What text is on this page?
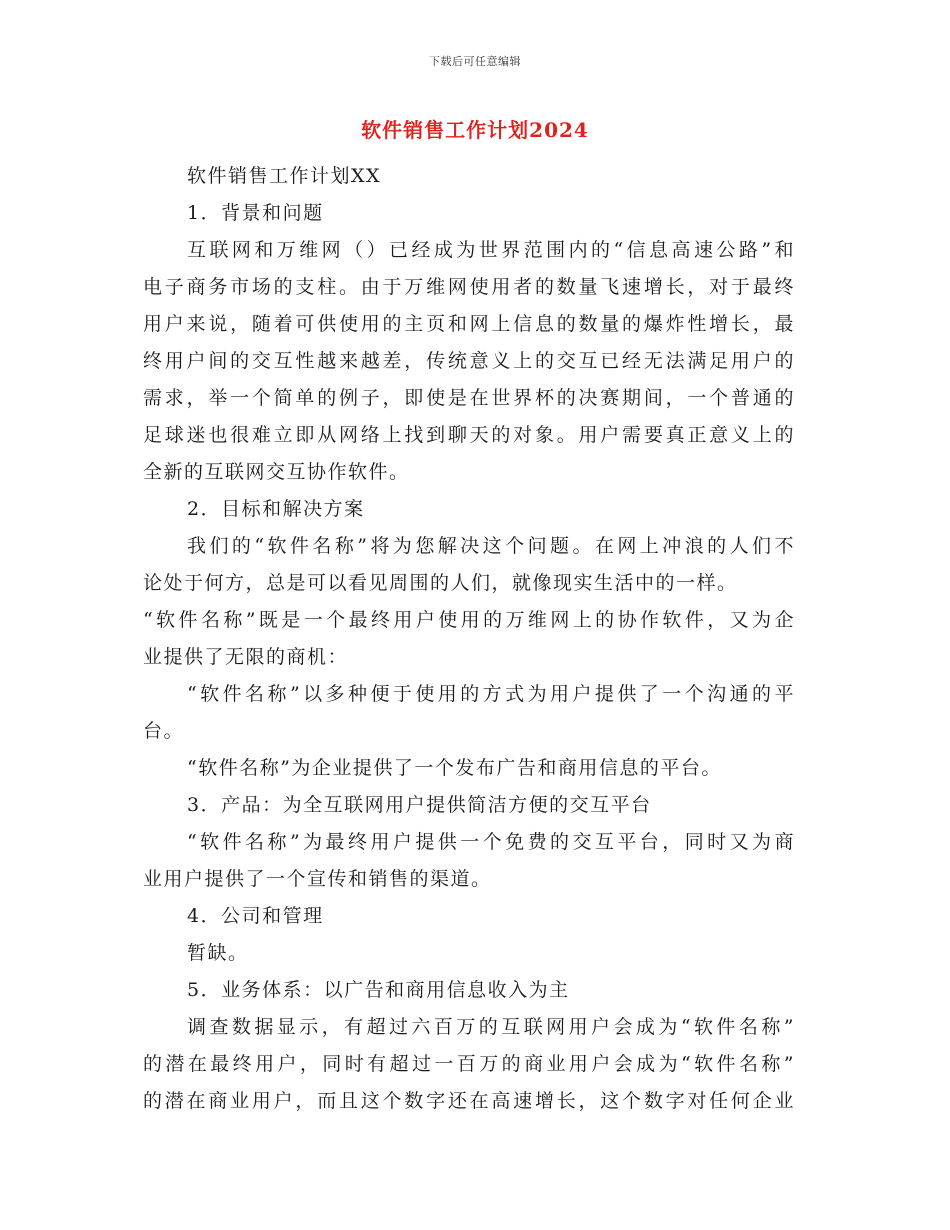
下载后可任意编辑
软件销售工作计划2024
软件销售工作计划XX
1．背景和问题
互联网和万维网（）已经成为世界范围内的“信息高速公路”和
电子商务市场的支柱。由于万维网使用者的数量飞速增长，对于最终
用户来说，随着可供使用的主页和网上信息的数量的爆炸性增长，最
终用户间的交互性越来越差，传统意义上的交互已经无法满足用户的
需求，举一个简单的例子，即使是在世界杯的决赛期间，一个普通的
足球迷也很难立即从网络上找到聊天的对象。用户需要真正意义上的
全新的互联网交互协作软件。
2．目标和解决方案
我们的“软件名称”将为您解决这个问题。在网上冲浪的人们不
论处于何方，总是可以看见周围的人们，就像现实生活中的一样。
“软件名称”既是一个最终用户使用的万维网上的协作软件，又为企
业提供了无限的商机：
“软件名称”以多种便于使用的方式为用户提供了一个沟通的平
台。
“软件名称”为企业提供了一个发布广告和商用信息的平台。
3．产品：为全互联网用户提供简洁方便的交互平台
“软件名称”为最终用户提供一个免费的交互平台，同时又为商
业用户提供了一个宣传和销售的渠道。
4．公司和管理
暂缺。
5．业务体系：以广告和商用信息收入为主
调查数据显示，有超过六百万的互联网用户会成为“软件名称”
的潜在最终用户，同时有超过一百万的商业用户会成为“软件名称”
的潜在商业用户，而且这个数字还在高速增长，这个数字对任何企业
